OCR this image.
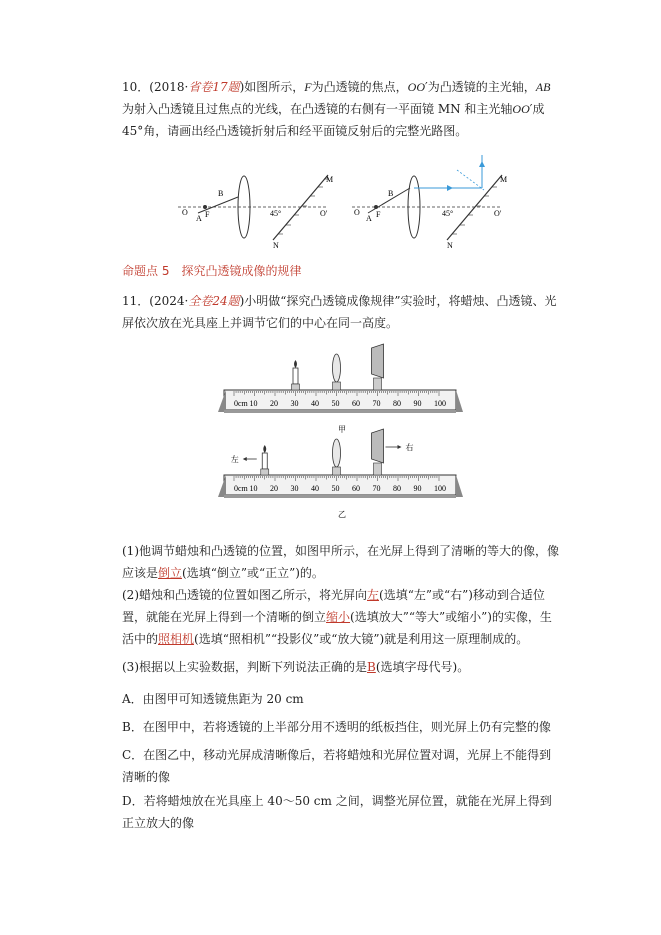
10．(2018·省卷17题)如图所示，F为凸透镜的焦点，OO′为凸透镜的主光轴，AB为射入凸透镜且过焦点的光线，在凸透镜的右侧有一平面镜 MN 和主光轴OO′成 45°角，请画出经凸透镜折射后和经平面镜反射后的完整光路图。

O
A F
B
M
N
O′
45°	O
A F
B
M
N
O′
45°
命题点 5　探究凸透镜成像的规律

11．(2024·全卷24题)小明做“探究凸透镜成像规律”实验时，将蜡烛、凸透镜、光屏依次放在光具座上并调节它们的中心在同一高度。

0cm 10 20 30 40 50 60 70 80 90 100
甲
0cm 10 20 30 40 50 60 70 80 90 100
乙
左
右

(1)他调节蜡烛和凸透镜的位置，如图甲所示，在光屏上得到了清晰的等大的像，像应该是倒立(选填“倒立”或“正立”)的。

(2)蜡烛和凸透镜的位置如图乙所示，将光屏向左(选填“左”或“右”)移动到合适位置，就能在光屏上得到一个清晰的倒立缩小(选填放大”“等大”或缩小”)的实像，生活中的照相机(选填“照相机”“投影仪”或“放大镜”)就是利用这一原理制成的。

(3)根据以上实验数据，判断下列说法正确的是B(选填字母代号)。

A．由图甲可知透镜焦距为 20 cm

B．在图甲中，若将透镜的上半部分用不透明的纸板挡住，则光屏上仍有完整的像

C．在图乙中，移动光屏成清晰像后，若将蜡烛和光屏位置对调，光屏上不能得到清晰的像

D．若将蜡烛放在光具座上 40～50 cm 之间，调整光屏位置，就能在光屏上得到正立放大的像
